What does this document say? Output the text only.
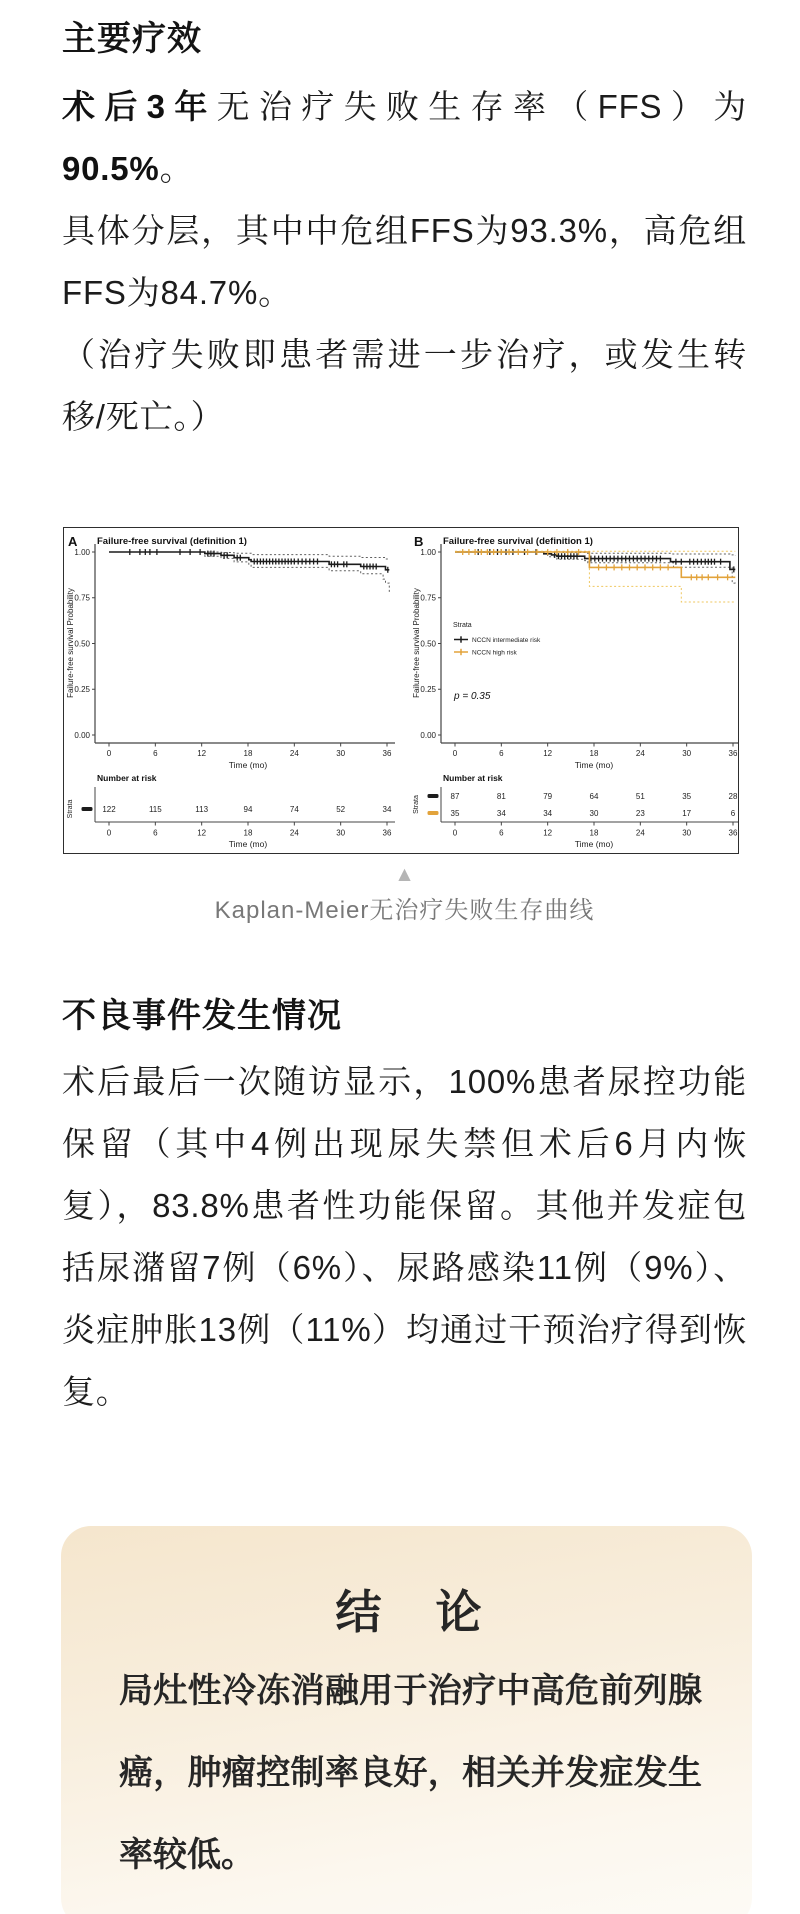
主要疗效

术后3年无治疗失败生存率（FFS）为90.5%。

具体分层，其中中危组FFS为93.3%，高危组FFS为84.7%。

（治疗失败即患者需进一步治疗，或发生转移/死亡。）

A Failure-free survival (definition 1)
1.00
0.75
0.50
0.25
0.00
0	6	12	18	24	30	36
Time (mo)
Failure-free survival Probability
Number at risk
Strata	122	115	113	94	74	52	34
0	6	12	18	24	30	36
Time (mo)
B Failure-free survival (definition 1)
1.00
0.75
0.50
0.25
0.00
0	6	12	18	24	30	36
Time (mo)
Failure-free survival Probability	Strata
NCCN intermediate risk
NCCN high risk
p = 0.35
Number at risk
Strata	87	81	79	64	51	35	28
35	34	34	30	23	17	6
0	6	12	18	24	30	36
Time (mo)
▲
Kaplan-Meier无治疗失败生存曲线
不良事件发生情况

术后最后一次随访显示，100%患者尿控功能保留（其中4例出现尿失禁但术后6月内恢复），83.8%患者性功能保留。其他并发症包括尿潴留7例（6%）、尿路感染11例（9%）、炎症肿胀13例（11%）均通过干预治疗得到恢复。

结　论

局灶性冷冻消融用于治疗中高危前列腺癌，肿瘤控制率良好，相关并发症发生率较低。
